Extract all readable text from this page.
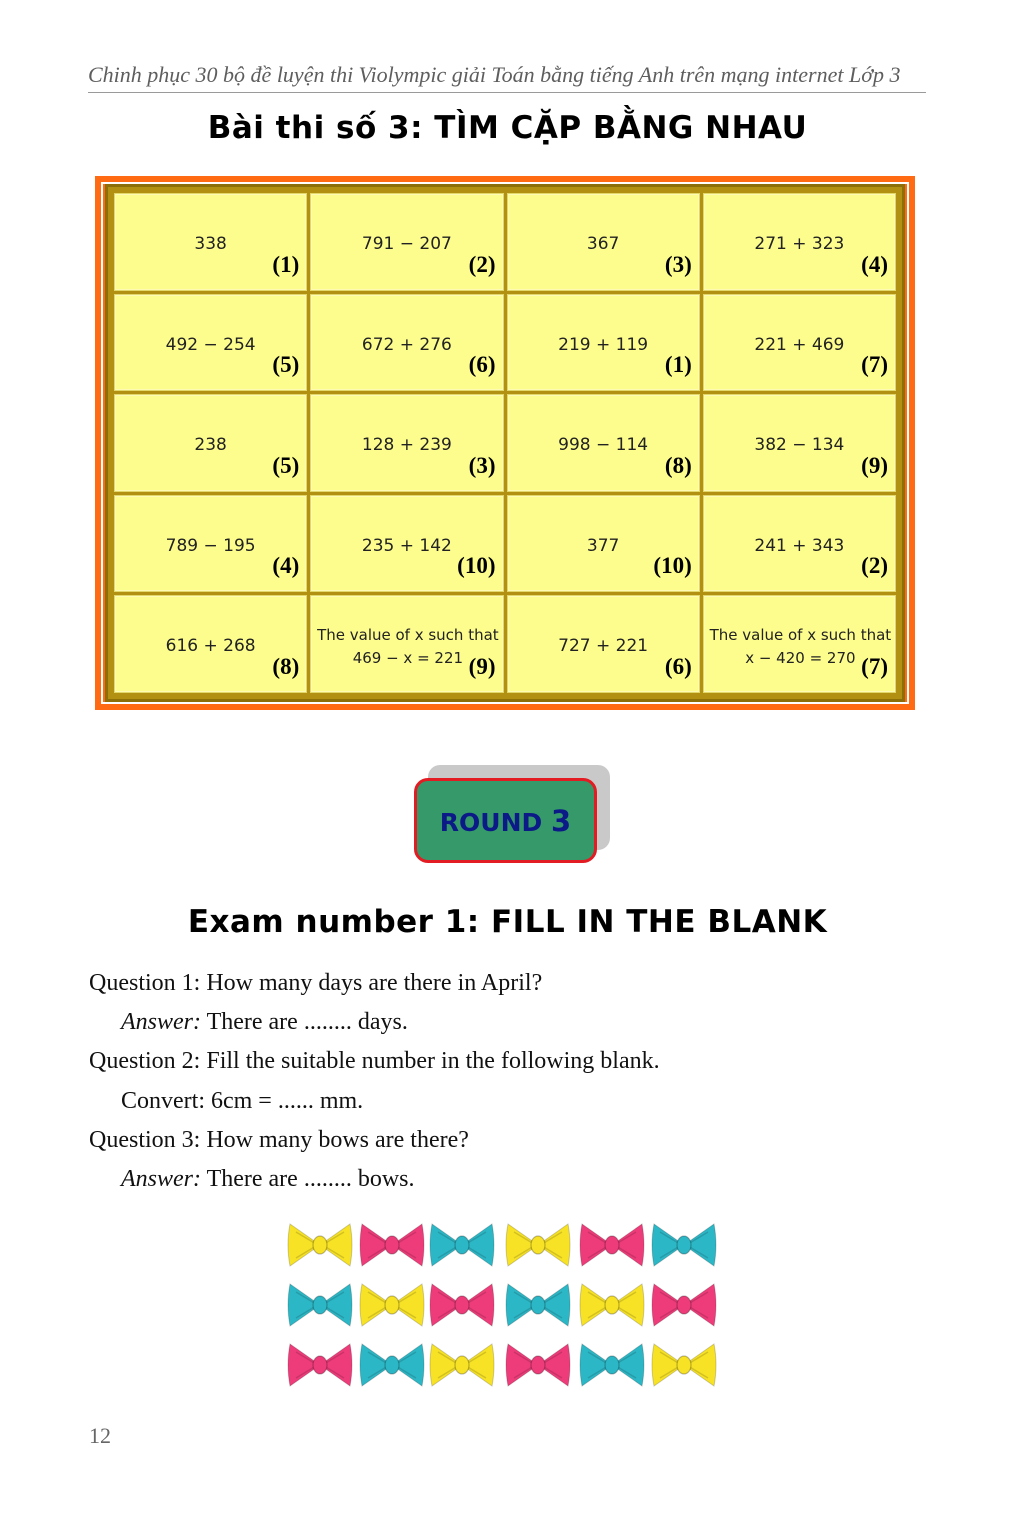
Chinh phục 30 bộ đề luyện thi Violympic giải Toán bằng tiếng Anh trên mạng internet Lớp 3
Bài thi số 3: TÌM CẶP BẰNG NHAU
338
(1)
791 − 207
(2)
367
(3)
271 + 323
(4)
492 − 254
(5)
672 + 276
(6)
219 + 119
(1)
221 + 469
(7)
238
(5)
128 + 239
(3)
998 − 114
(8)
382 − 134
(9)
789 − 195
(4)
235 + 142
(10)
377
(10)
241 + 343
(2)
616 + 268
(8)
The value of x such that
469 − x = 221 (9)
727 + 221
(6)
The value of x such that
x − 420 = 270 (7)
ROUND 3
Exam number 1: FILL IN THE BLANK
Question 1: How many days are there in April?
Answer: There are ........ days.
Question 2: Fill the suitable number in the following blank.
Convert: 6cm = ...... mm.
Question 3: How many bows are there?
Answer: There are ........ bows.
12
